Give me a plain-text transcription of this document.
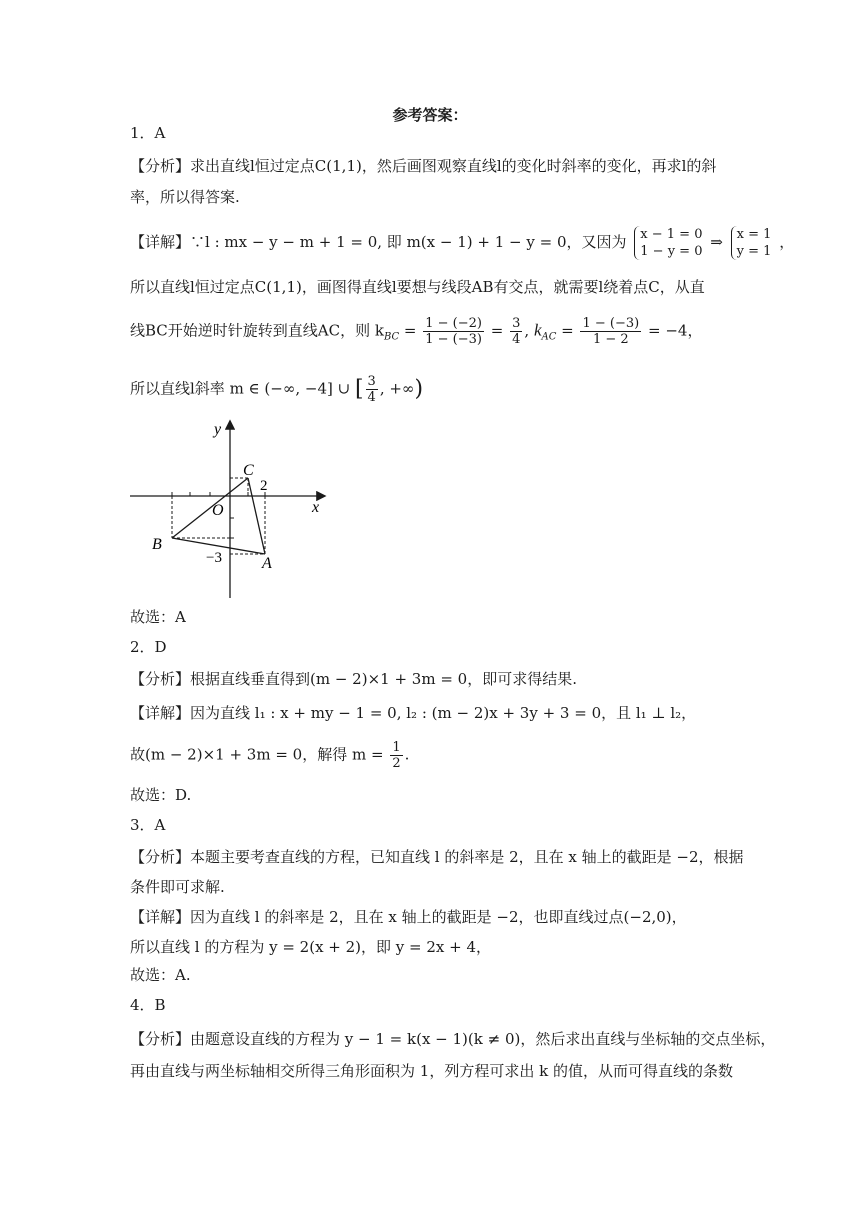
参考答案：
1．A
【分析】求出直线l恒过定点C(1,1)，然后画图观察直线l的变化时斜率的变化，再求l的斜
率，所以得答案.
【详解】∵l : mx − y − m + 1 = 0, 即 m(x − 1) + 1 − y = 0，又因为 x − 1 = 0
1 − y = 0
⇒ x = 1
y = 1
，
所以直线l恒过定点C(1,1)，画图得直线l要想与线段AB有交点，就需要l绕着点C，从直
线BC开始逆时针旋转到直线AC，则 $k_{BC} = \frac{1 - (-2)}{1 - (-3)} = \frac{3}{4}$ , $k_{AC} = \frac{1 - (-3)}{1 - 2} = -4$，
所以直线l斜率 m ∈ (−∞, −4] ∪ [ $\frac{3}{4}$ , +∞)
y
x
C
O
B
A
2
−3
故选：A
2．D
【分析】根据直线垂直得到(m − 2)×1 + 3m = 0，即可求得结果.
【详解】因为直线 l₁ : x + my − 1 = 0, l₂ : (m − 2)x + 3y + 3 = 0，且 l₁ ⊥ l₂，
故(m − 2)×1 + 3m = 0，解得 $m = \frac{1}{2}$ .
故选：D.
3．A
【分析】本题主要考查直线的方程，已知直线 l 的斜率是 2，且在 x 轴上的截距是 −2，根据
条件即可求解.
【详解】因为直线 l 的斜率是 2，且在 x 轴上的截距是 −2，也即直线过点(−2,0)，
所以直线 l 的方程为 y = 2(x + 2)，即 y = 2x + 4，
故选：A.
4．B
【分析】由题意设直线的方程为 y − 1 = k(x − 1)(k ≠ 0)，然后求出直线与坐标轴的交点坐标，
再由直线与两坐标轴相交所得三角形面积为 1，列方程可求出 k 的值，从而可得直线的条数
